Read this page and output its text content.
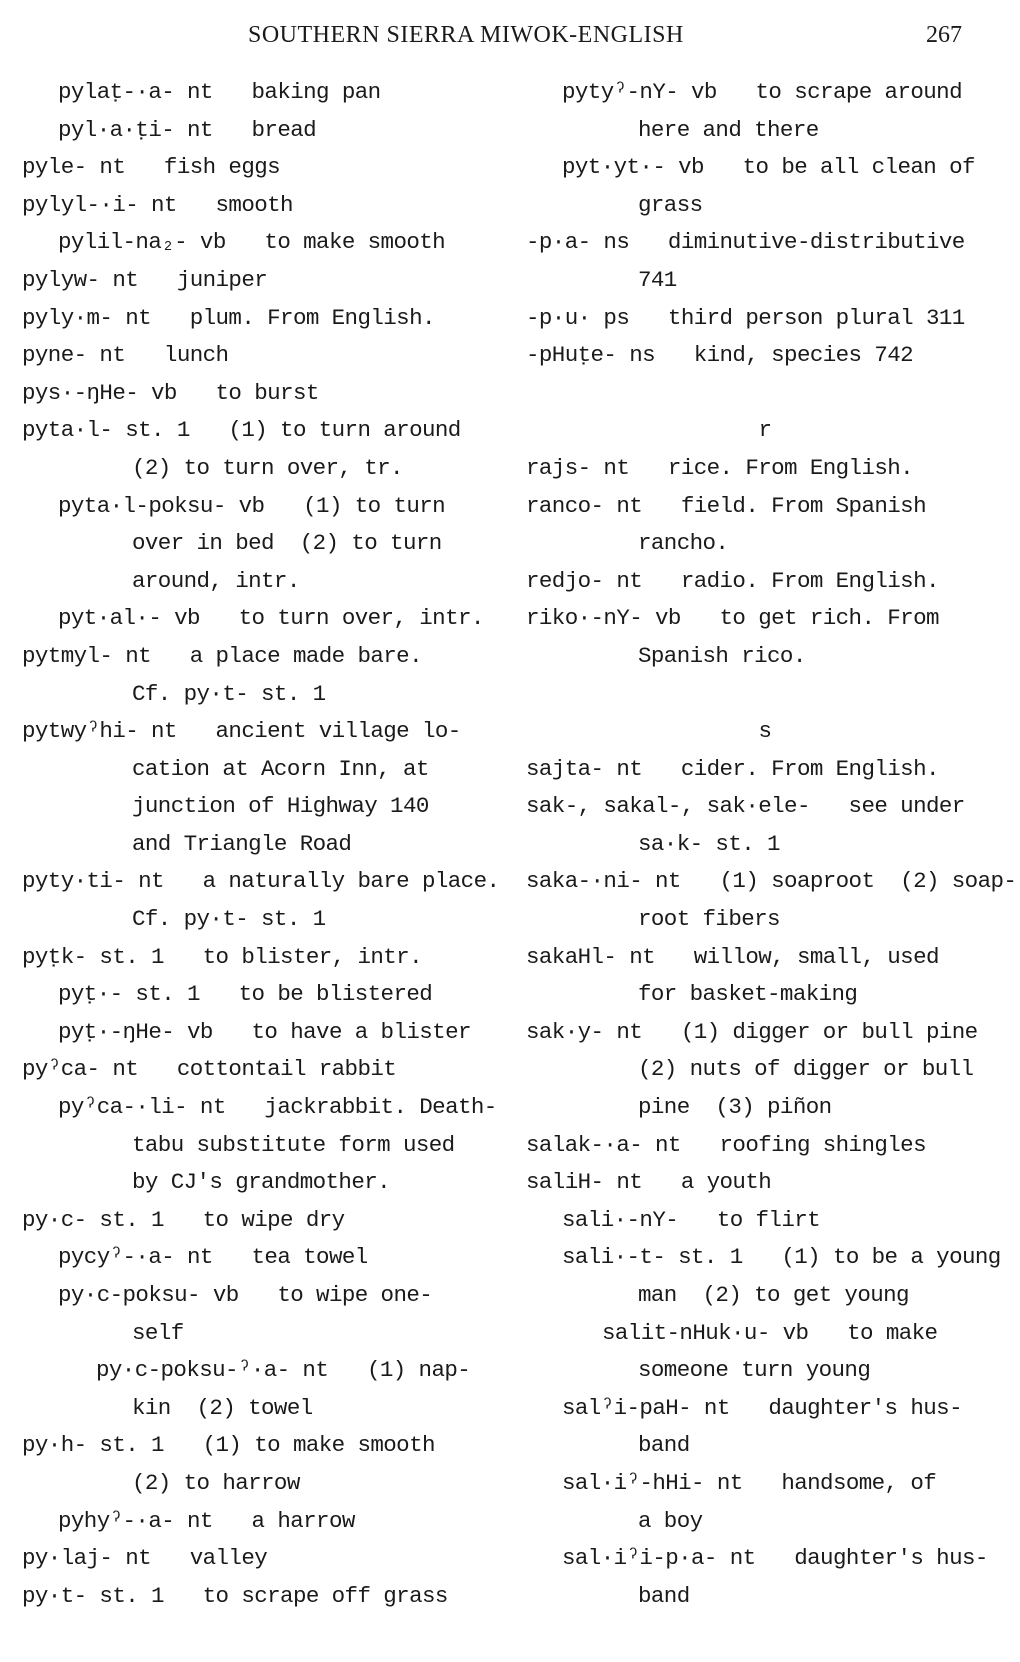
SOUTHERN SIERRA MIWOK-ENGLISH	267
pylaṭ-·a- nt   baking pan
pyl·a·ṭi- nt   bread
pyle- nt   fish eggs
pylyl-·i- nt   smooth
pylil-na₂- vb   to make smooth
pylyw- nt   juniper
pyly·m- nt   plum. From English.
pyne- nt   lunch
pys·-ŋHe- vb   to burst
pyta·l- st. 1   (1) to turn around
(2) to turn over, tr.
pyta·l-poksu- vb   (1) to turn
over in bed  (2) to turn
around, intr.
pyt·al·- vb   to turn over, intr.
pytmyl- nt   a place made bare.
Cf. py·t- st. 1
pytwyˀhi- nt   ancient village lo-
cation at Acorn Inn, at
junction of Highway 140
and Triangle Road
pyty·ti- nt   a naturally bare place.
Cf. py·t- st. 1
pyṭk- st. 1   to blister, intr.
pyṭ·- st. 1   to be blistered
pyṭ·-ŋHe- vb   to have a blister
pyˀca- nt   cottontail rabbit
pyˀca-·li- nt   jackrabbit. Death-
tabu substitute form used
by CJ's grandmother.
py·c- st. 1   to wipe dry
pycyˀ-·a- nt   tea towel
py·c-poksu- vb   to wipe one-
self
py·c-poksu-ˀ·a- nt   (1) nap-
kin  (2) towel
py·h- st. 1   (1) to make smooth
(2) to harrow
pyhyˀ-·a- nt   a harrow
py·laj- nt   valley
py·t- st. 1   to scrape off grass
pytyˀ-nY- vb   to scrape around
here and there
pyt·yt·- vb   to be all clean of
grass
-p·a- ns   diminutive-distributive
741
-p·u· ps   third person plural 311
-pHuṭe- ns   kind, species 742
r
rajs- nt   rice. From English.
ranco- nt   field. From Spanish
rancho.
redjo- nt   radio. From English.
riko·-nY- vb   to get rich. From
Spanish rico.
s
sajta- nt   cider. From English.
sak-, sakal-, sak·ele-   see under
sa·k- st. 1
saka-·ni- nt   (1) soaproot  (2) soap-
root fibers
sakaHl- nt   willow, small, used
for basket-making
sak·y- nt   (1) digger or bull pine
(2) nuts of digger or bull
pine  (3) piñon
salak-·a- nt   roofing shingles
saliH- nt   a youth
sali·-nY-   to flirt
sali·-t- st. 1   (1) to be a young
man  (2) to get young
salit-nHuk·u- vb   to make
someone turn young
salˀi-paH- nt   daughter's hus-
band
sal·iˀ-hHi- nt   handsome, of
a boy
sal·iˀi-p·a- nt   daughter's hus-
band
